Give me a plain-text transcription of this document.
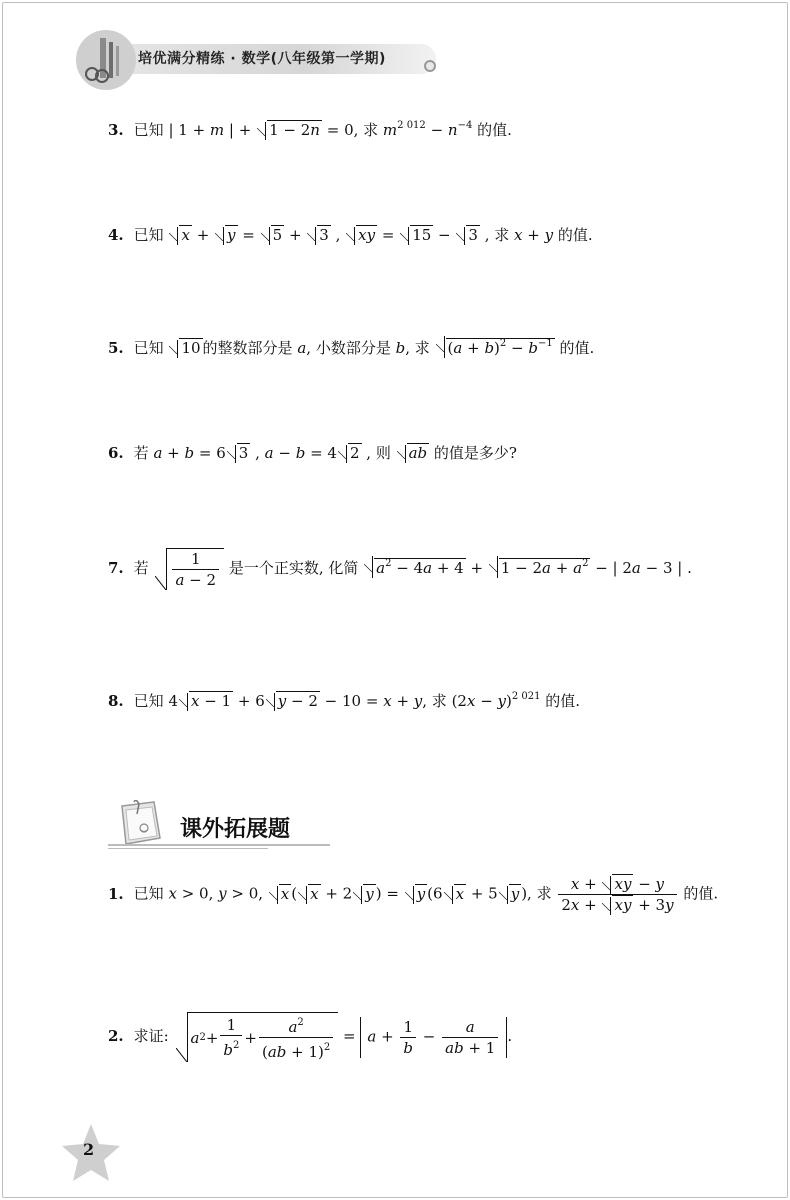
培优满分精练 · 数学(八年级第一学期)
3. 已知 | 1 + m | + 1 − 2n = 0, 求 $m^{2 012} - n^{-4}$ 的值.
4. 已知 x + y = 5 + 3 , xy = 15 − 3 , 求 x + y 的值.
5. 已知 10 的整数部分是 a, 小数部分是 b, 求 $(a + b)^2 - b^{-1}$ 的值.
6. 若 a + b = 6 3 , a − b = 4 2 , 则 ab 的值是多少?
7. 若 $\frac{1}{a - 2}$ 是一个正实数, 化简 $a^2 - 4a + 4 + 1 - 2a + a^2$ − | 2a − 3 | .
8. 已知 4 x − 1 + 6 y − 2 − 10 = x + y, 求 $(2x - y)^{2 021}$ 的值.
课外拓展题
1. 已知 x > 0, y > 0, x ( x + 2 y ) = y (6 x + 5 y ), 求 $\frac{x + xy - y}{2x + xy + 3y}$ 的值.
2. 求证: a $2 + \frac{1}{b^2} + \frac{a^2}{(ab + 1)^2} = a + \frac{1}{b} - \frac{a}{ab + 1}$ .
2
